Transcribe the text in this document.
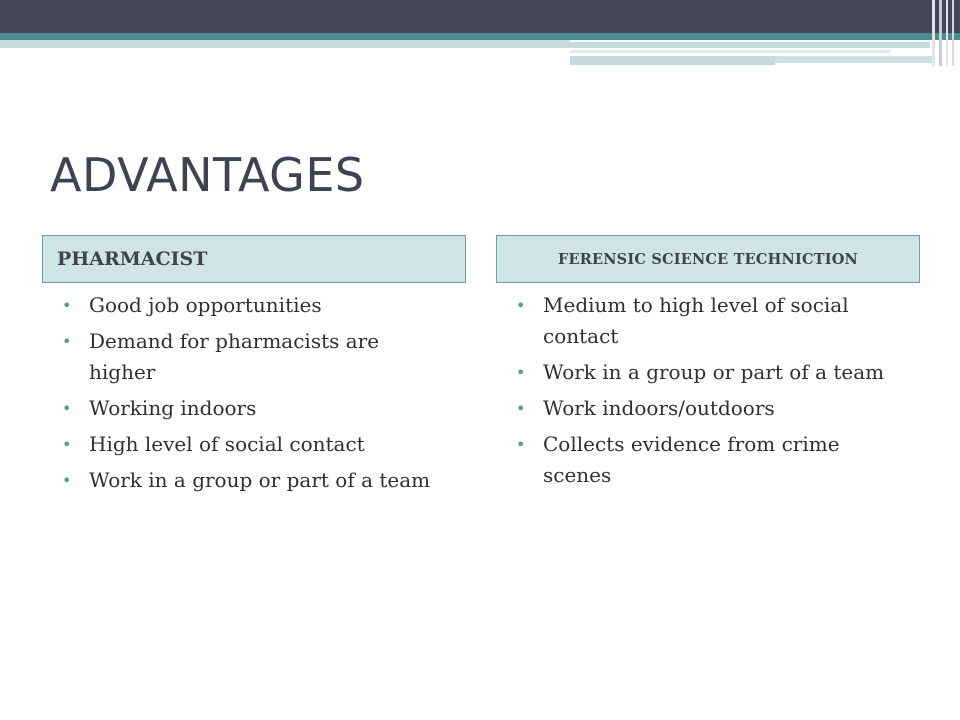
ADVANTAGES
PHARMACIST	FERENSIC SCIENCE TECHNICTION
• Good job opportunities
• Demand for pharmacists are higher
• Working indoors
• High level of social contact
• Work in a group or part of a team
• Medium to high level of social contact
• Work in a group or part of a team
• Work indoors/outdoors
• Collects evidence from crime scenes
